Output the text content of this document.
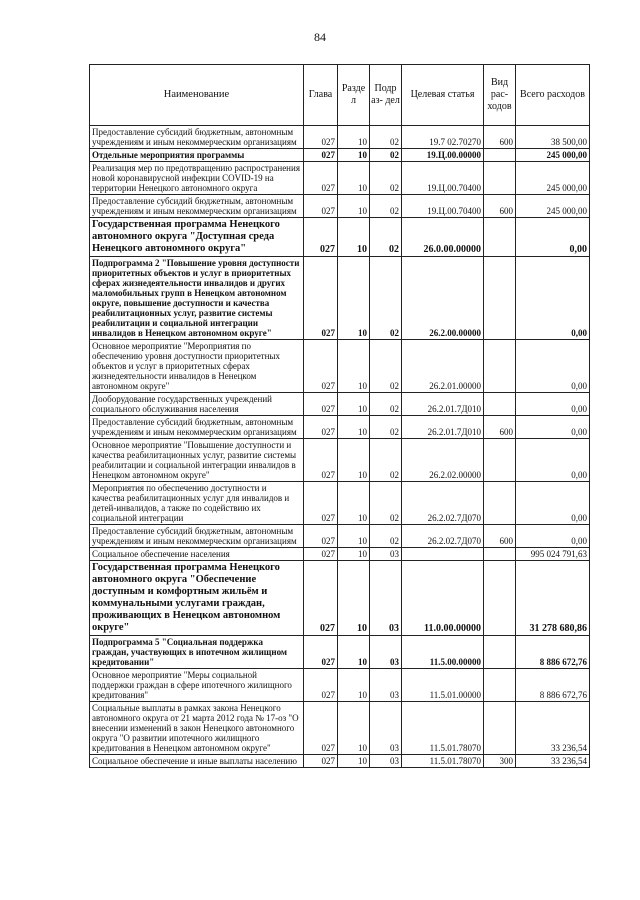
84
Наименование	Глава	Разде л	Подр аз- дел	Целевая статья	Вид рас- ходов	Всего расходов
Предоставление субсидий бюджетным, автономным учреждениям и иным некоммерческим организациям	027	10	02	19.7 02.70270	600	38 500,00
Отдельные мероприятия программы	027	10	02	19.Ц.00.00000		245 000,00
Реализация мер по предотвращению распространения новой коронавирусной инфекции COVID-19 на территории Ненецкого автономного округа	027	10	02	19.Ц.00.70400		245 000,00
Предоставление субсидий бюджетным, автономным учреждениям и иным некоммерческим организациям	027	10	02	19.Ц.00.70400	600	245 000,00
Государственная программа Ненецкого автономного округа "Доступная среда Ненецкого автономного округа"	027	10	02	26.0.00.00000		0,00
Подпрограмма 2 "Повышение уровня доступности приоритетных объектов и услуг в приоритетных сферах жизнедеятельности инвалидов и других маломобильных групп в Ненецком автономном округе, повышение доступности и качества реабилитационных услуг, развитие системы реабилитации и социальной интеграции инвалидов в Ненецком автономном округе"	027	10	02	26.2.00.00000		0,00
Основное мероприятие "Мероприятия по обеспечению уровня доступности приоритетных объектов и услуг в приоритетных сферах жизнедеятельности инвалидов в Ненецком автономном округе"	027	10	02	26.2.01.00000		0,00
Дооборудование государственных учреждений социального обслуживания населения	027	10	02	26.2.01.7Д010		0,00
Предоставление субсидий бюджетным, автономным учреждениям и иным некоммерческим организациям	027	10	02	26.2.01.7Д010	600	0,00
Основное мероприятие "Повышение доступности и качества реабилитационных услуг, развитие системы реабилитации и социальной интеграции инвалидов в Ненецком автономном округе"	027	10	02	26.2.02.00000		0,00
Мероприятия по обеспечению доступности и качества реабилитационных услуг для инвалидов и детей-инвалидов, а также по содействию их социальной интеграции	027	10	02	26.2.02.7Д070		0,00
Предоставление субсидий бюджетным, автономным учреждениям и иным некоммерческим организациям	027	10	02	26.2.02.7Д070	600	0,00
Социальное обеспечение населения	027	10	03			995 024 791,63
Государственная программа Ненецкого автономного округа "Обеспечение доступным и комфортным жильём и коммунальными услугами граждан, проживающих в Ненецком автономном округе"	027	10	03	11.0.00.00000		31 278 680,86
Подпрограмма 5 "Социальная поддержка граждан, участвующих в ипотечном жилищном кредитовании"	027	10	03	11.5.00.00000		8 886 672,76
Основное мероприятие "Меры социальной поддержки граждан в сфере ипотечного жилищного кредитования"	027	10	03	11.5.01.00000		8 886 672,76
Социальные выплаты в рамках закона Ненецкого автономного округа от 21 марта 2012 года № 17-оз "О внесении изменений в закон Ненецкого автономного округа "О развитии ипотечного жилищного кредитования в Ненецком автономном округе"	027	10	03	11.5.01.78070		33 236,54
Социальное обеспечение и иные выплаты населению	027	10	03	11.5.01.78070	300	33 236,54
